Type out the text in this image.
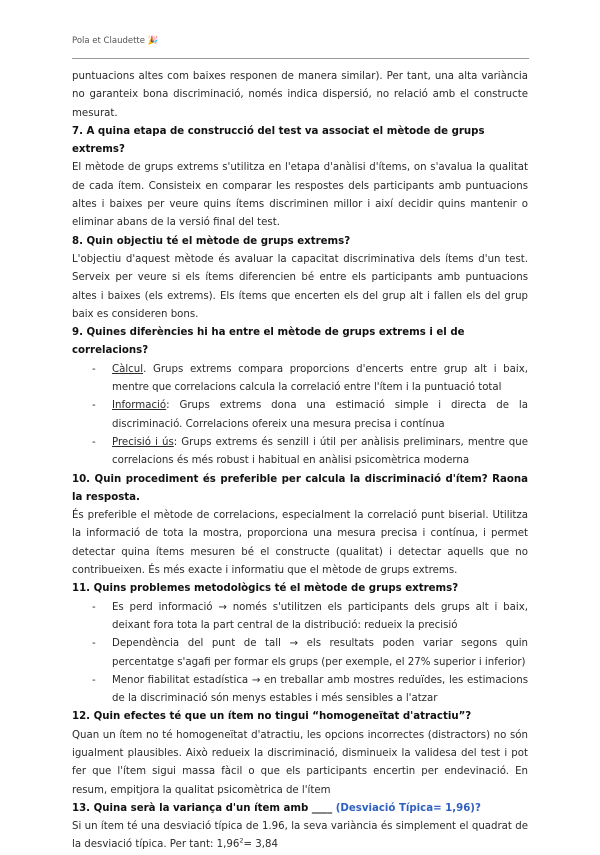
Pola et Claudette 🎉

puntuacions altes com baixes responen de manera similar). Per tant, una alta variància no garanteix bona discriminació, només indica dispersió, no relació amb el constructe mesurat.

7. A quina etapa de construcció del test va associat el mètode de grups extrems?

El mètode de grups extrems s'utilitza en l'etapa d'anàlisi d'ítems, on s'avalua la qualitat de cada ítem. Consisteix en comparar les respostes dels participants amb puntuacions altes i baixes per veure quins ítems discriminen millor i així decidir quins mantenir o eliminar abans de la versió final del test.

8. Quin objectiu té el mètode de grups extrems?

L'objectiu d'aquest mètode és avaluar la capacitat discriminativa dels ítems d'un test. Serveix per veure si els ítems diferencien bé entre els participants amb puntuacions altes i baixes (els extrems). Els ítems que encerten els del grup alt i fallen els del grup baix es consideren bons.

9. Quines diferències hi ha entre el mètode de grups extrems i el de correlacions?

- Càlcul. Grups extrems compara proporcions d'encerts entre grup alt i baix, mentre que correlacions calcula la correlació entre l'ítem i la puntuació total
- Informació: Grups extrems dona una estimació simple i directa de la discriminació. Correlacions ofereix una mesura precisa i contínua
- Precisió i ús: Grups extrems és senzill i útil per anàlisis preliminars, mentre que correlacions és més robust i habitual en anàlisi psicomètrica moderna

10. Quin procediment és preferible per calcula la discriminació d'ítem? Raona la resposta.

És preferible el mètode de correlacions, especialment la correlació punt biserial. Utilitza la informació de tota la mostra, proporciona una mesura precisa i contínua, i permet detectar quina ítems mesuren bé el constructe (qualitat) i detectar aquells que no contribueixen. És més exacte i informatiu que el mètode de grups extrems.

11. Quins problemes metodològics té el mètode de grups extrems?

- Es perd informació → només s'utilitzen els participants dels grups alt i baix, deixant fora tota la part central de la distribució: redueix la precisió
- Dependència del punt de tall → els resultats poden variar segons quin percentatge s'agafi per formar els grups (per exemple, el 27% superior i inferior)
- Menor fiabilitat estadística → en treballar amb mostres reduïdes, les estimacions de la discriminació són menys estables i més sensibles a l'atzar

12. Quin efectes té que un ítem no tingui “homogeneïtat d'atractiu”?

Quan un ítem no té homogeneïtat d'atractiu, les opcions incorrectes (distractors) no són igualment plausibles. Això redueix la discriminació, disminueix la validesa del test i pot fer que l'ítem sigui massa fàcil o que els participants encertin per endevinació. En resum, empitjora la qualitat psicomètrica de l'ítem

13. Quina serà la variança d'un ítem amb ____ (Desviació Típica= 1,96)?

Si un ítem té una desviació típica de 1.96, la seva variància és simplement el quadrat de la desviació típica. Per tant: $1,96^2= 3,84$
